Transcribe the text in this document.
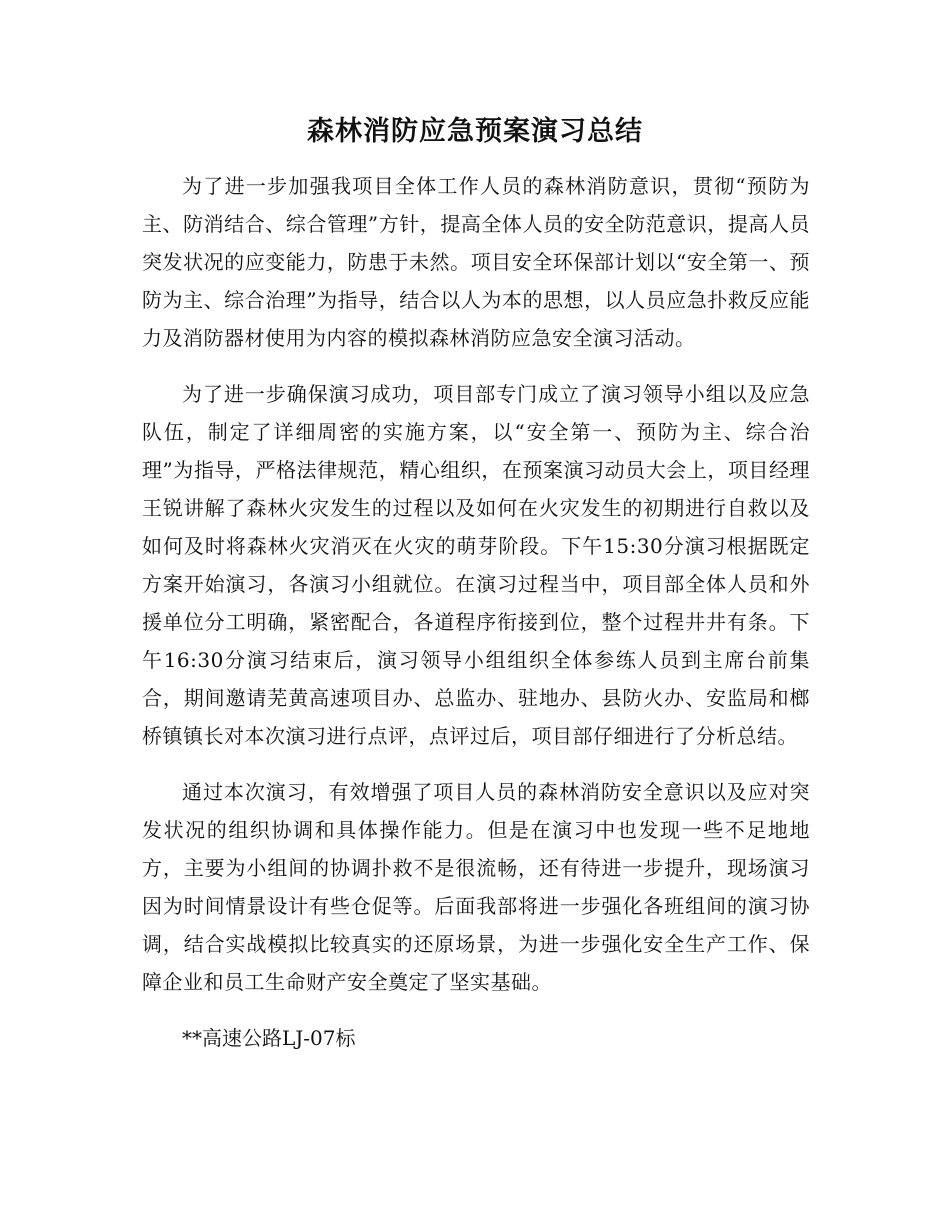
森林消防应急预案演习总结

为了进一步加强我项目全体工作人员的森林消防意识，贯彻“预防为主、防消结合、综合管理”方针，提高全体人员的安全防范意识，提高人员突发状况的应变能力，防患于未然。项目安全环保部计划以“安全第一、预防为主、综合治理”为指导，结合以人为本的思想，以人员应急扑救反应能力及消防器材使用为内容的模拟森林消防应急安全演习活动。

为了进一步确保演习成功，项目部专门成立了演习领导小组以及应急队伍，制定了详细周密的实施方案，以“安全第一、预防为主、综合治理”为指导，严格法律规范，精心组织，在预案演习动员大会上，项目经理王锐讲解了森林火灾发生的过程以及如何在火灾发生的初期进行自救以及如何及时将森林火灾消灭在火灾的萌芽阶段。下午15:30分演习根据既定方案开始演习，各演习小组就位。在演习过程当中，项目部全体人员和外援单位分工明确，紧密配合，各道程序衔接到位，整个过程井井有条。下午16:30分演习结束后，演习领导小组组织全体参练人员到主席台前集合，期间邀请芜黄高速项目办、总监办、驻地办、县防火办、安监局和榔桥镇镇长对本次演习进行点评，点评过后，项目部仔细进行了分析总结。

通过本次演习，有效增强了项目人员的森林消防安全意识以及应对突发状况的组织协调和具体操作能力。但是在演习中也发现一些不足地地方，主要为小组间的协调扑救不是很流畅，还有待进一步提升，现场演习因为时间情景设计有些仓促等。后面我部将进一步强化各班组间的演习协调，结合实战模拟比较真实的还原场景，为进一步强化安全生产工作、保障企业和员工生命财产安全奠定了坚实基础。

**高速公路LJ-07标
